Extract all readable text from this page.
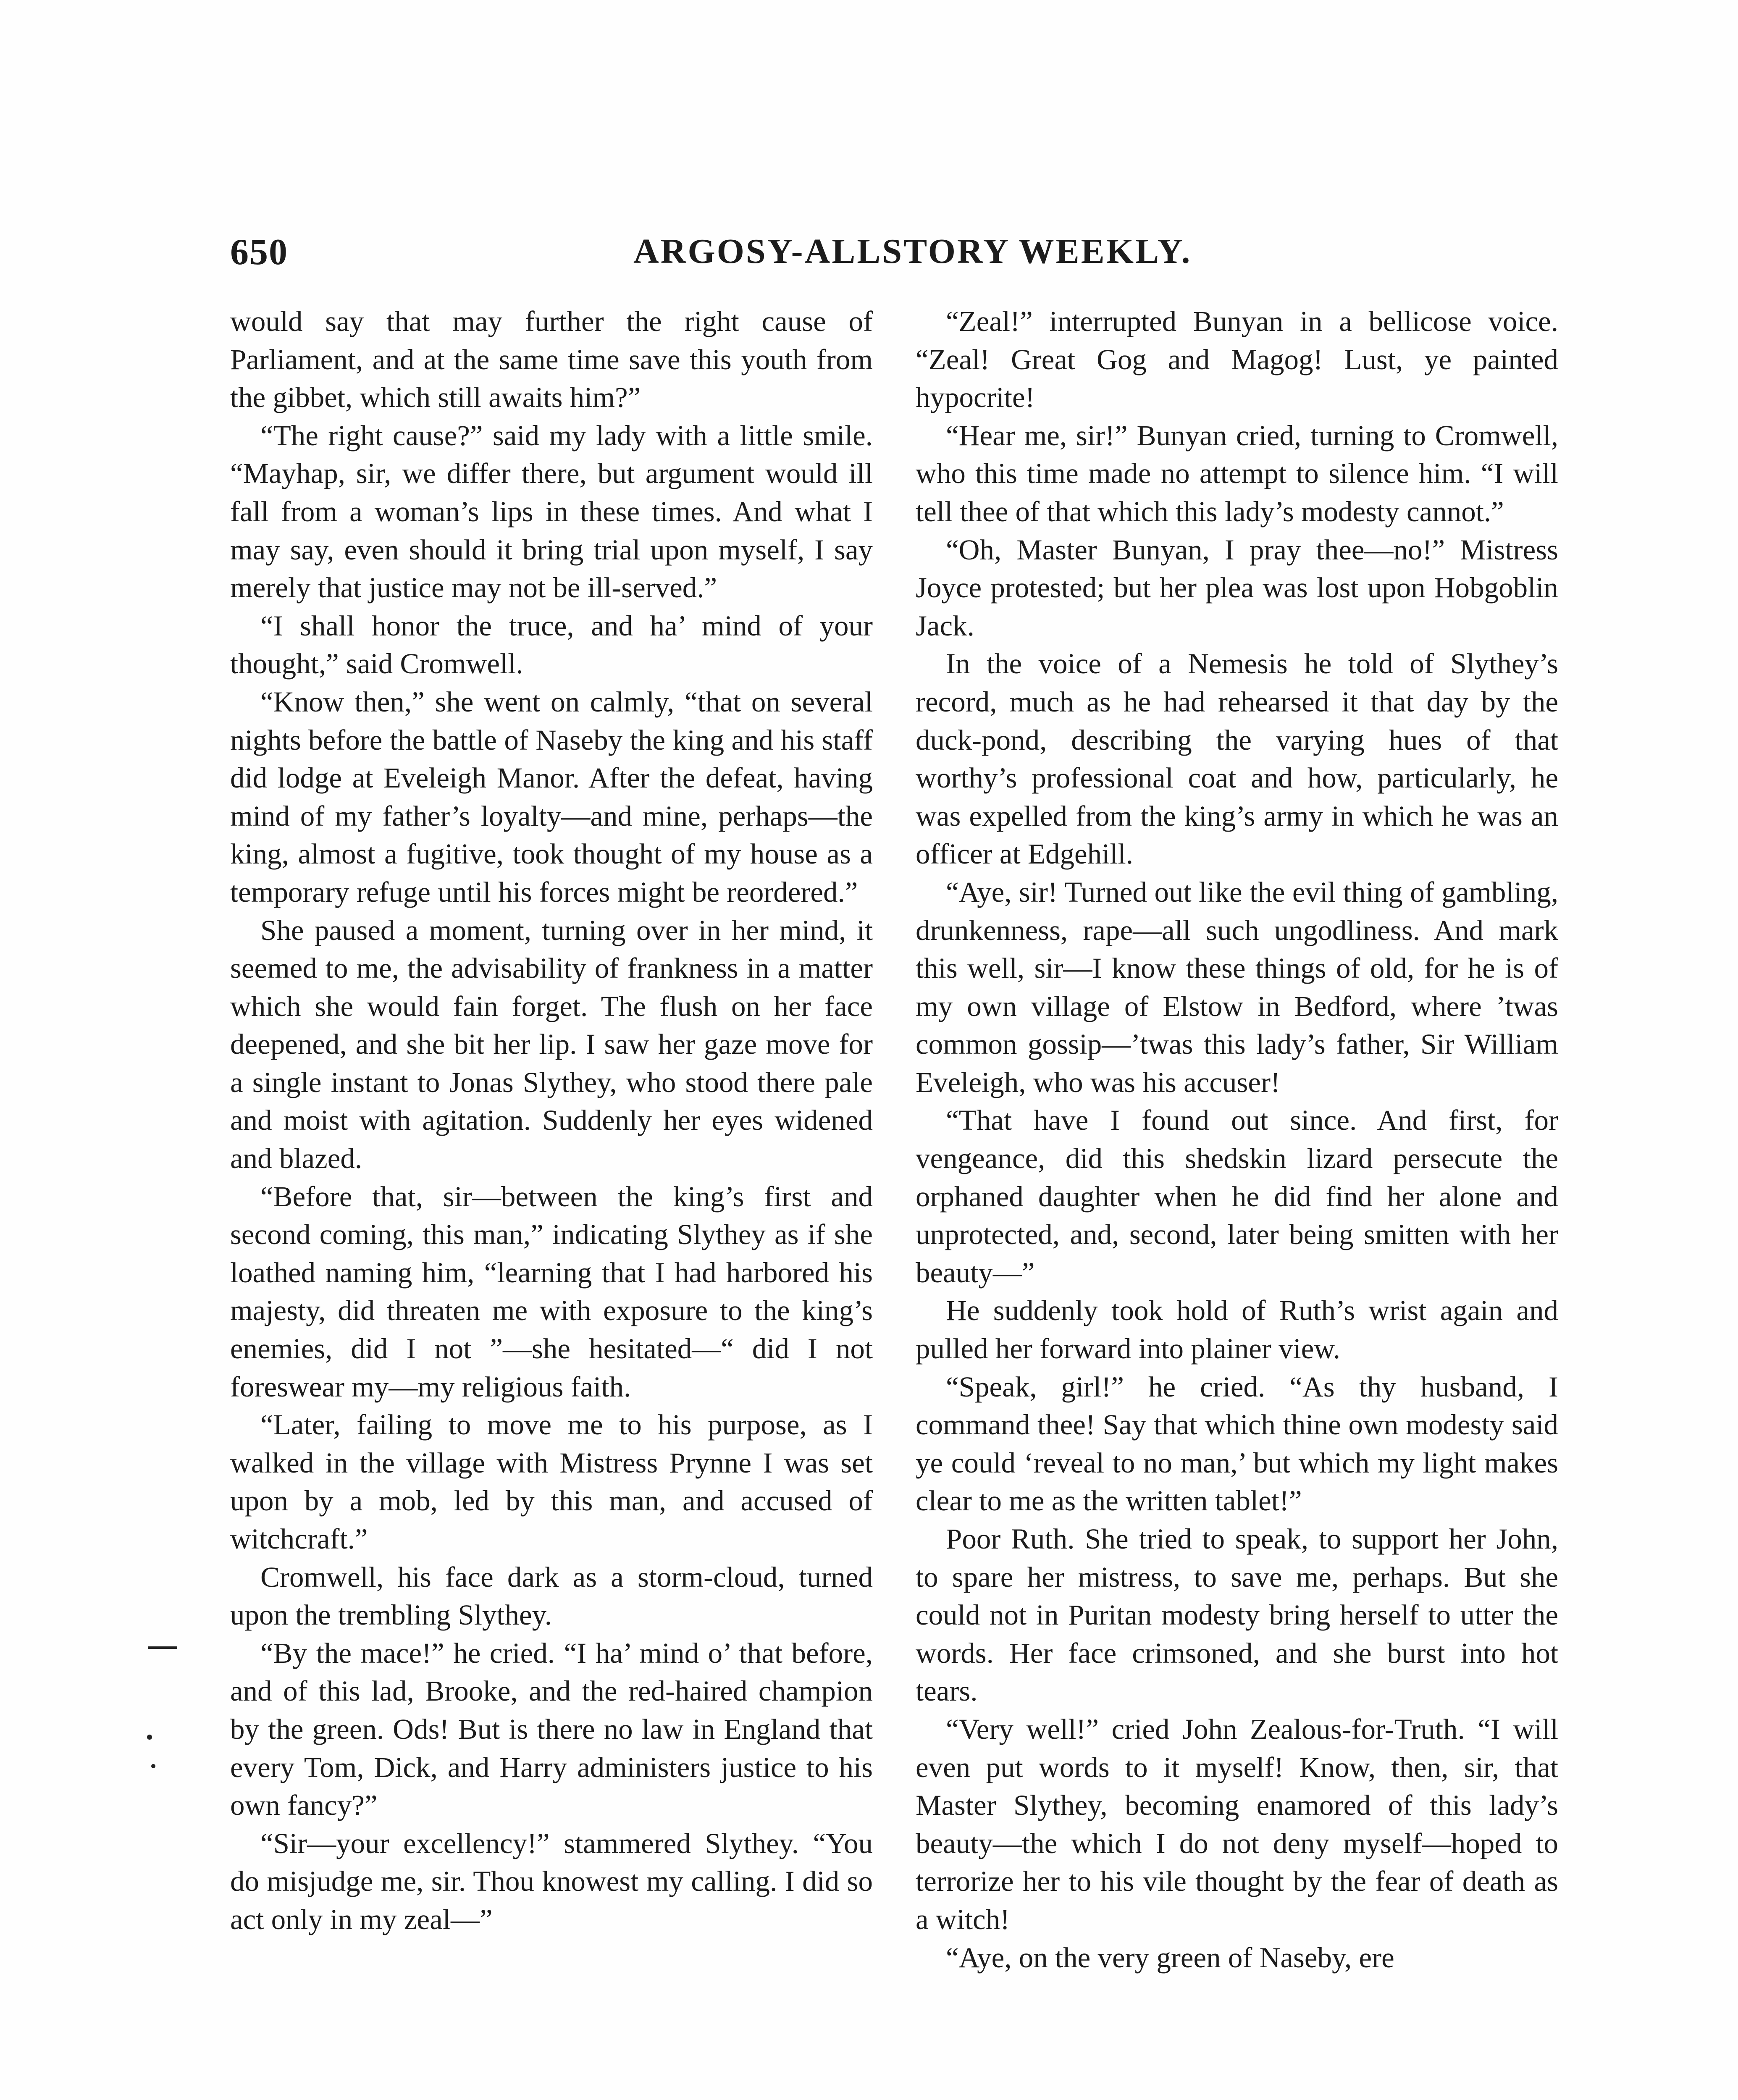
650	ARGOSY-ALLSTORY WEEKLY.

would say that may further the right cause of Parliament, and at the same time save this youth from the gibbet, which still awaits him?”

“The right cause?” said my lady with a little smile. “Mayhap, sir, we differ there, but argument would ill fall from a woman’s lips in these times. And what I may say, even should it bring trial upon myself, I say merely that justice may not be ill-served.”

“I shall honor the truce, and ha’ mind of your thought,” said Cromwell.

“Know then,” she went on calmly, “that on several nights before the battle of Naseby the king and his staff did lodge at Eveleigh Manor. After the defeat, having mind of my father’s loyalty—and mine, perhaps—the king, almost a fugitive, took thought of my house as a temporary refuge until his forces might be reordered.”

She paused a moment, turning over in her mind, it seemed to me, the advisability of frankness in a matter which she would fain forget. The flush on her face deepened, and she bit her lip. I saw her gaze move for a single instant to Jonas Slythey, who stood there pale and moist with agitation. Suddenly her eyes widened and blazed.

“Before that, sir—between the king’s first and second coming, this man,” indicating Slythey as if she loathed naming him, “learning that I had harbored his majesty, did threaten me with exposure to the king’s enemies, did I not ”—she hesitated—“ did I not foreswear my—my religious faith.

“Later, failing to move me to his purpose, as I walked in the village with Mistress Prynne I was set upon by a mob, led by this man, and accused of witchcraft.”

Cromwell, his face dark as a storm-cloud, turned upon the trembling Slythey.

“By the mace!” he cried. “I ha’ mind o’ that before, and of this lad, Brooke, and the red-haired champion by the green. Ods! But is there no law in England that every Tom, Dick, and Harry administers justice to his own fancy?”

“Sir—your excellency!” stammered Slythey. “You do misjudge me, sir. Thou knowest my calling. I did so act only in my zeal—”

“Zeal!” interrupted Bunyan in a bellicose voice. “Zeal! Great Gog and Magog! Lust, ye painted hypocrite!

“Hear me, sir!” Bunyan cried, turning to Cromwell, who this time made no attempt to silence him. “I will tell thee of that which this lady’s modesty cannot.”

“Oh, Master Bunyan, I pray thee—no!” Mistress Joyce protested; but her plea was lost upon Hobgoblin Jack.

In the voice of a Nemesis he told of Slythey’s record, much as he had rehearsed it that day by the duck-pond, describing the varying hues of that worthy’s professional coat and how, particularly, he was expelled from the king’s army in which he was an officer at Edgehill.

“Aye, sir! Turned out like the evil thing of gambling, drunkenness, rape—all such ungodliness. And mark this well, sir—I know these things of old, for he is of my own village of Elstow in Bedford, where ’twas common gossip—’twas this lady’s father, Sir William Eveleigh, who was his accuser!

“That have I found out since. And first, for vengeance, did this shedskin lizard persecute the orphaned daughter when he did find her alone and unprotected, and, second, later being smitten with her beauty—”

He suddenly took hold of Ruth’s wrist again and pulled her forward into plainer view.

“Speak, girl!” he cried. “As thy husband, I command thee! Say that which thine own modesty said ye could ‘reveal to no man,’ but which my light makes clear to me as the written tablet!”

Poor Ruth. She tried to speak, to support her John, to spare her mistress, to save me, perhaps. But she could not in Puritan modesty bring herself to utter the words. Her face crimsoned, and she burst into hot tears.

“Very well!” cried John Zealous-for-Truth. “I will even put words to it myself! Know, then, sir, that Master Slythey, becoming enamored of this lady’s beauty—the which I do not deny myself—hoped to terrorize her to his vile thought by the fear of death as a witch!

“Aye, on the very green of Naseby, ere
